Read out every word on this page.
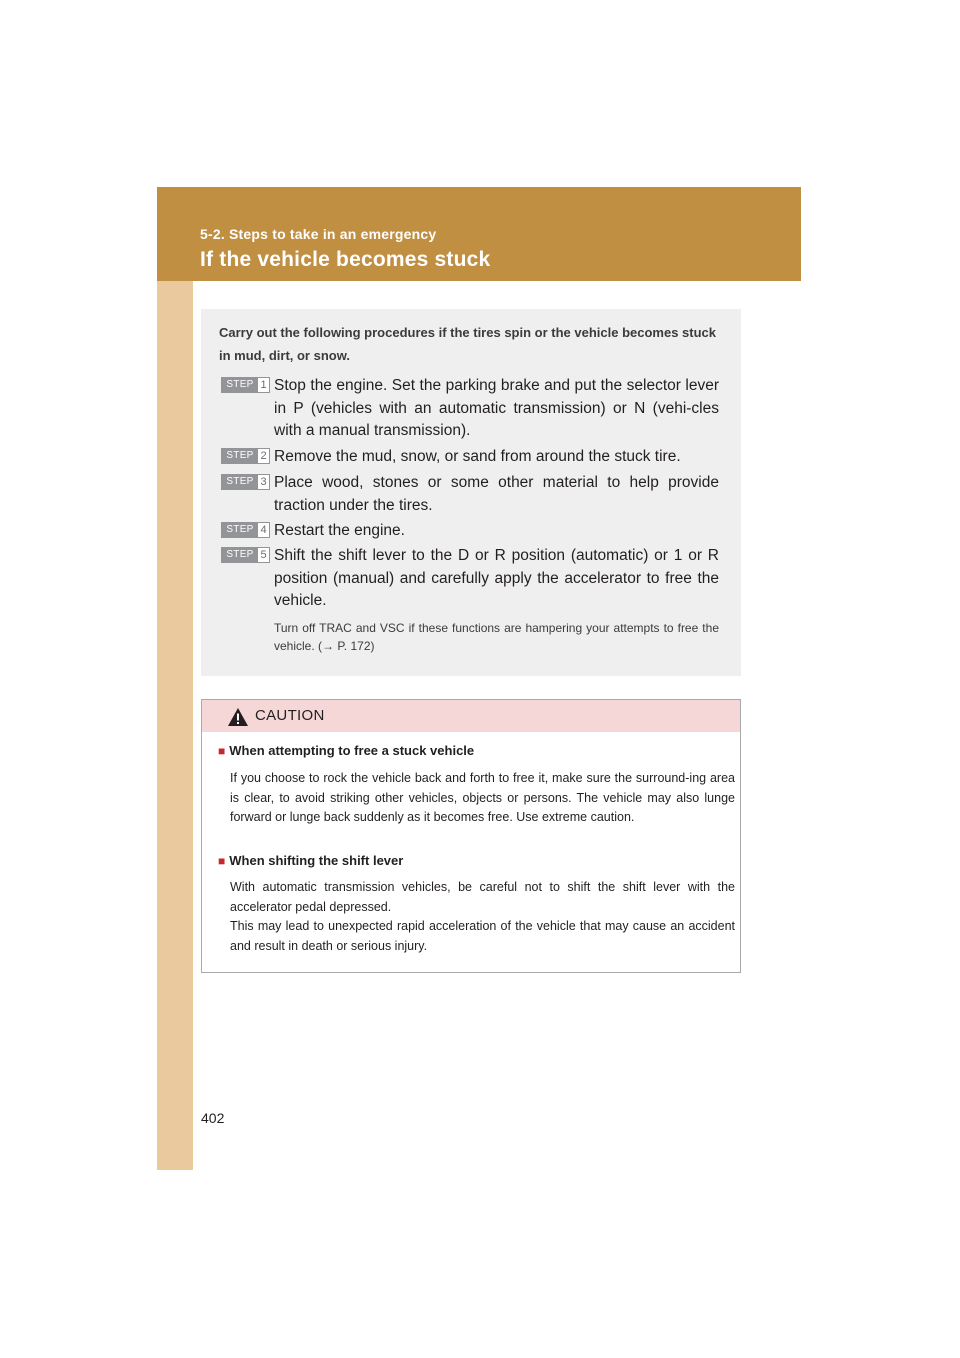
5-2. Steps to take in an emergency
If the vehicle becomes stuck
Carry out the following procedures if the tires spin or the vehicle becomes stuck in mud, dirt, or snow.
STEP 1 Stop the engine. Set the parking brake and put the selector lever in P (vehicles with an automatic transmission) or N (vehi-cles with a manual transmission).
STEP 2 Remove the mud, snow, or sand from around the stuck tire.
STEP 3 Place wood, stones or some other material to help provide traction under the tires.
STEP 4 Restart the engine.
STEP 5 Shift the shift lever to the D or R position (automatic) or 1 or R position (manual) and carefully apply the accelerator to free the vehicle.
Turn off TRAC and VSC if these functions are hampering your attempts to free the vehicle. (→ P. 172)
CAUTION
■ When attempting to free a stuck vehicle
If you choose to rock the vehicle back and forth to free it, make sure the surround-ing area is clear, to avoid striking other vehicles, objects or persons. The vehicle may also lunge forward or lunge back suddenly as it becomes free. Use extreme caution.
■ When shifting the shift lever
With automatic transmission vehicles, be careful not to shift the shift lever with the accelerator pedal depressed.
This may lead to unexpected rapid acceleration of the vehicle that may cause an accident and result in death or serious injury.
402
